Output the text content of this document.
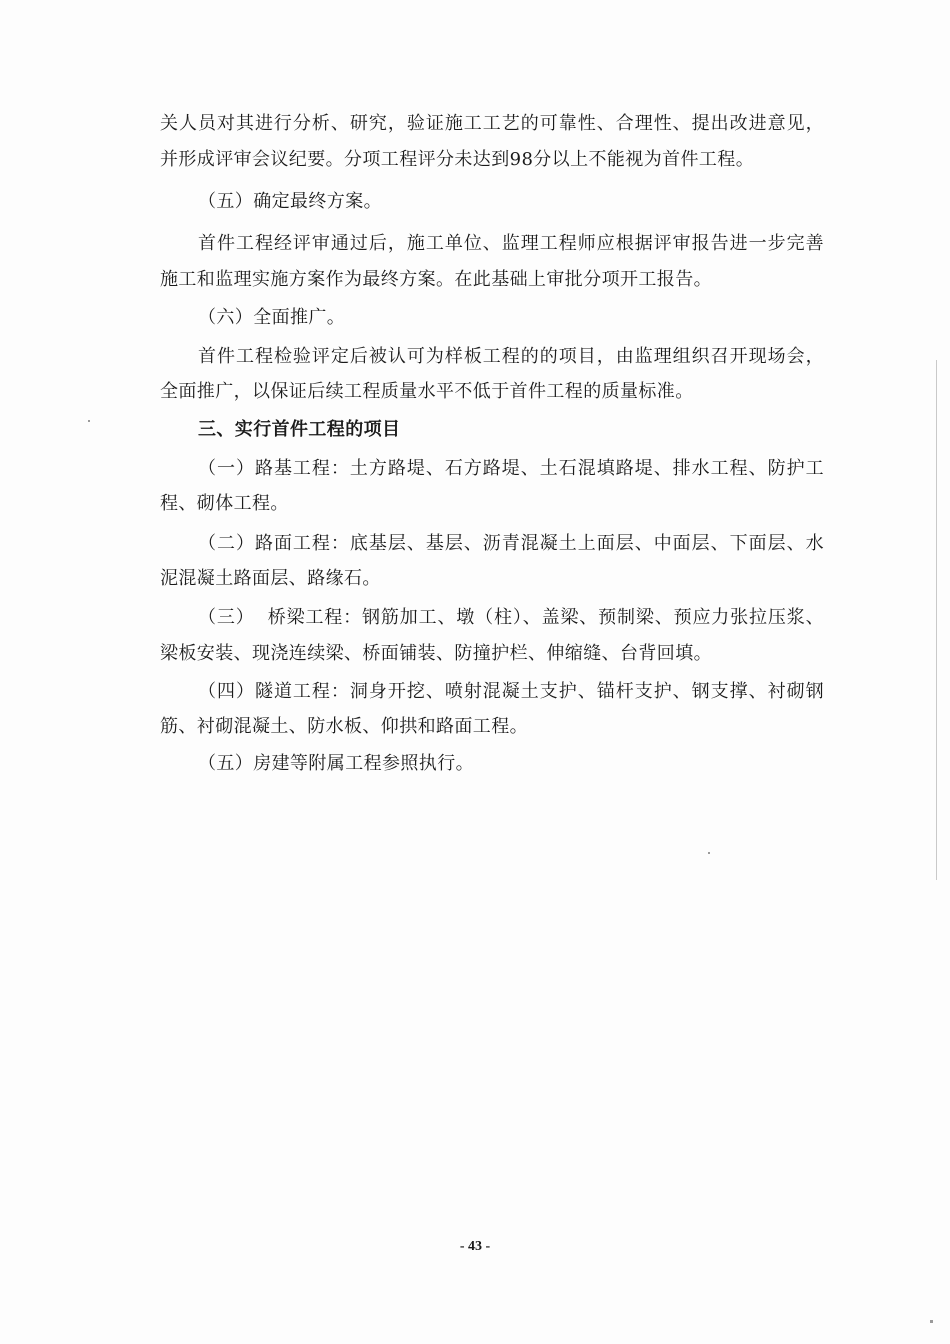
关人员对其进行分析、研究，验证施工工艺的可靠性、合理性、提出改进意见，
并形成评审会议纪要。分项工程评分未达到98分以上不能视为首件工程。
（五）确定最终方案。
首件工程经评审通过后，施工单位、监理工程师应根据评审报告进一步完善
施工和监理实施方案作为最终方案。在此基础上审批分项开工报告。
（六）全面推广。
首件工程检验评定后被认可为样板工程的的项目，由监理组织召开现场会，
全面推广，以保证后续工程质量水平不低于首件工程的质量标准。
三、实行首件工程的项目
（一）路基工程：土方路堤、石方路堤、土石混填路堤、排水工程、防护工
程、砌体工程。
（二）路面工程：底基层、基层、沥青混凝土上面层、中面层、下面层、水
泥混凝土路面层、路缘石。
（三）  桥梁工程：钢筋加工、墩（柱）、盖梁、预制梁、预应力张拉压浆、
梁板安装、现浇连续梁、桥面铺装、防撞护栏、伸缩缝、台背回填。
（四）隧道工程：洞身开挖、喷射混凝土支护、锚杆支护、钢支撑、衬砌钢
筋、衬砌混凝土、防水板、仰拱和路面工程。
（五）房建等附属工程参照执行。
- 43 -
